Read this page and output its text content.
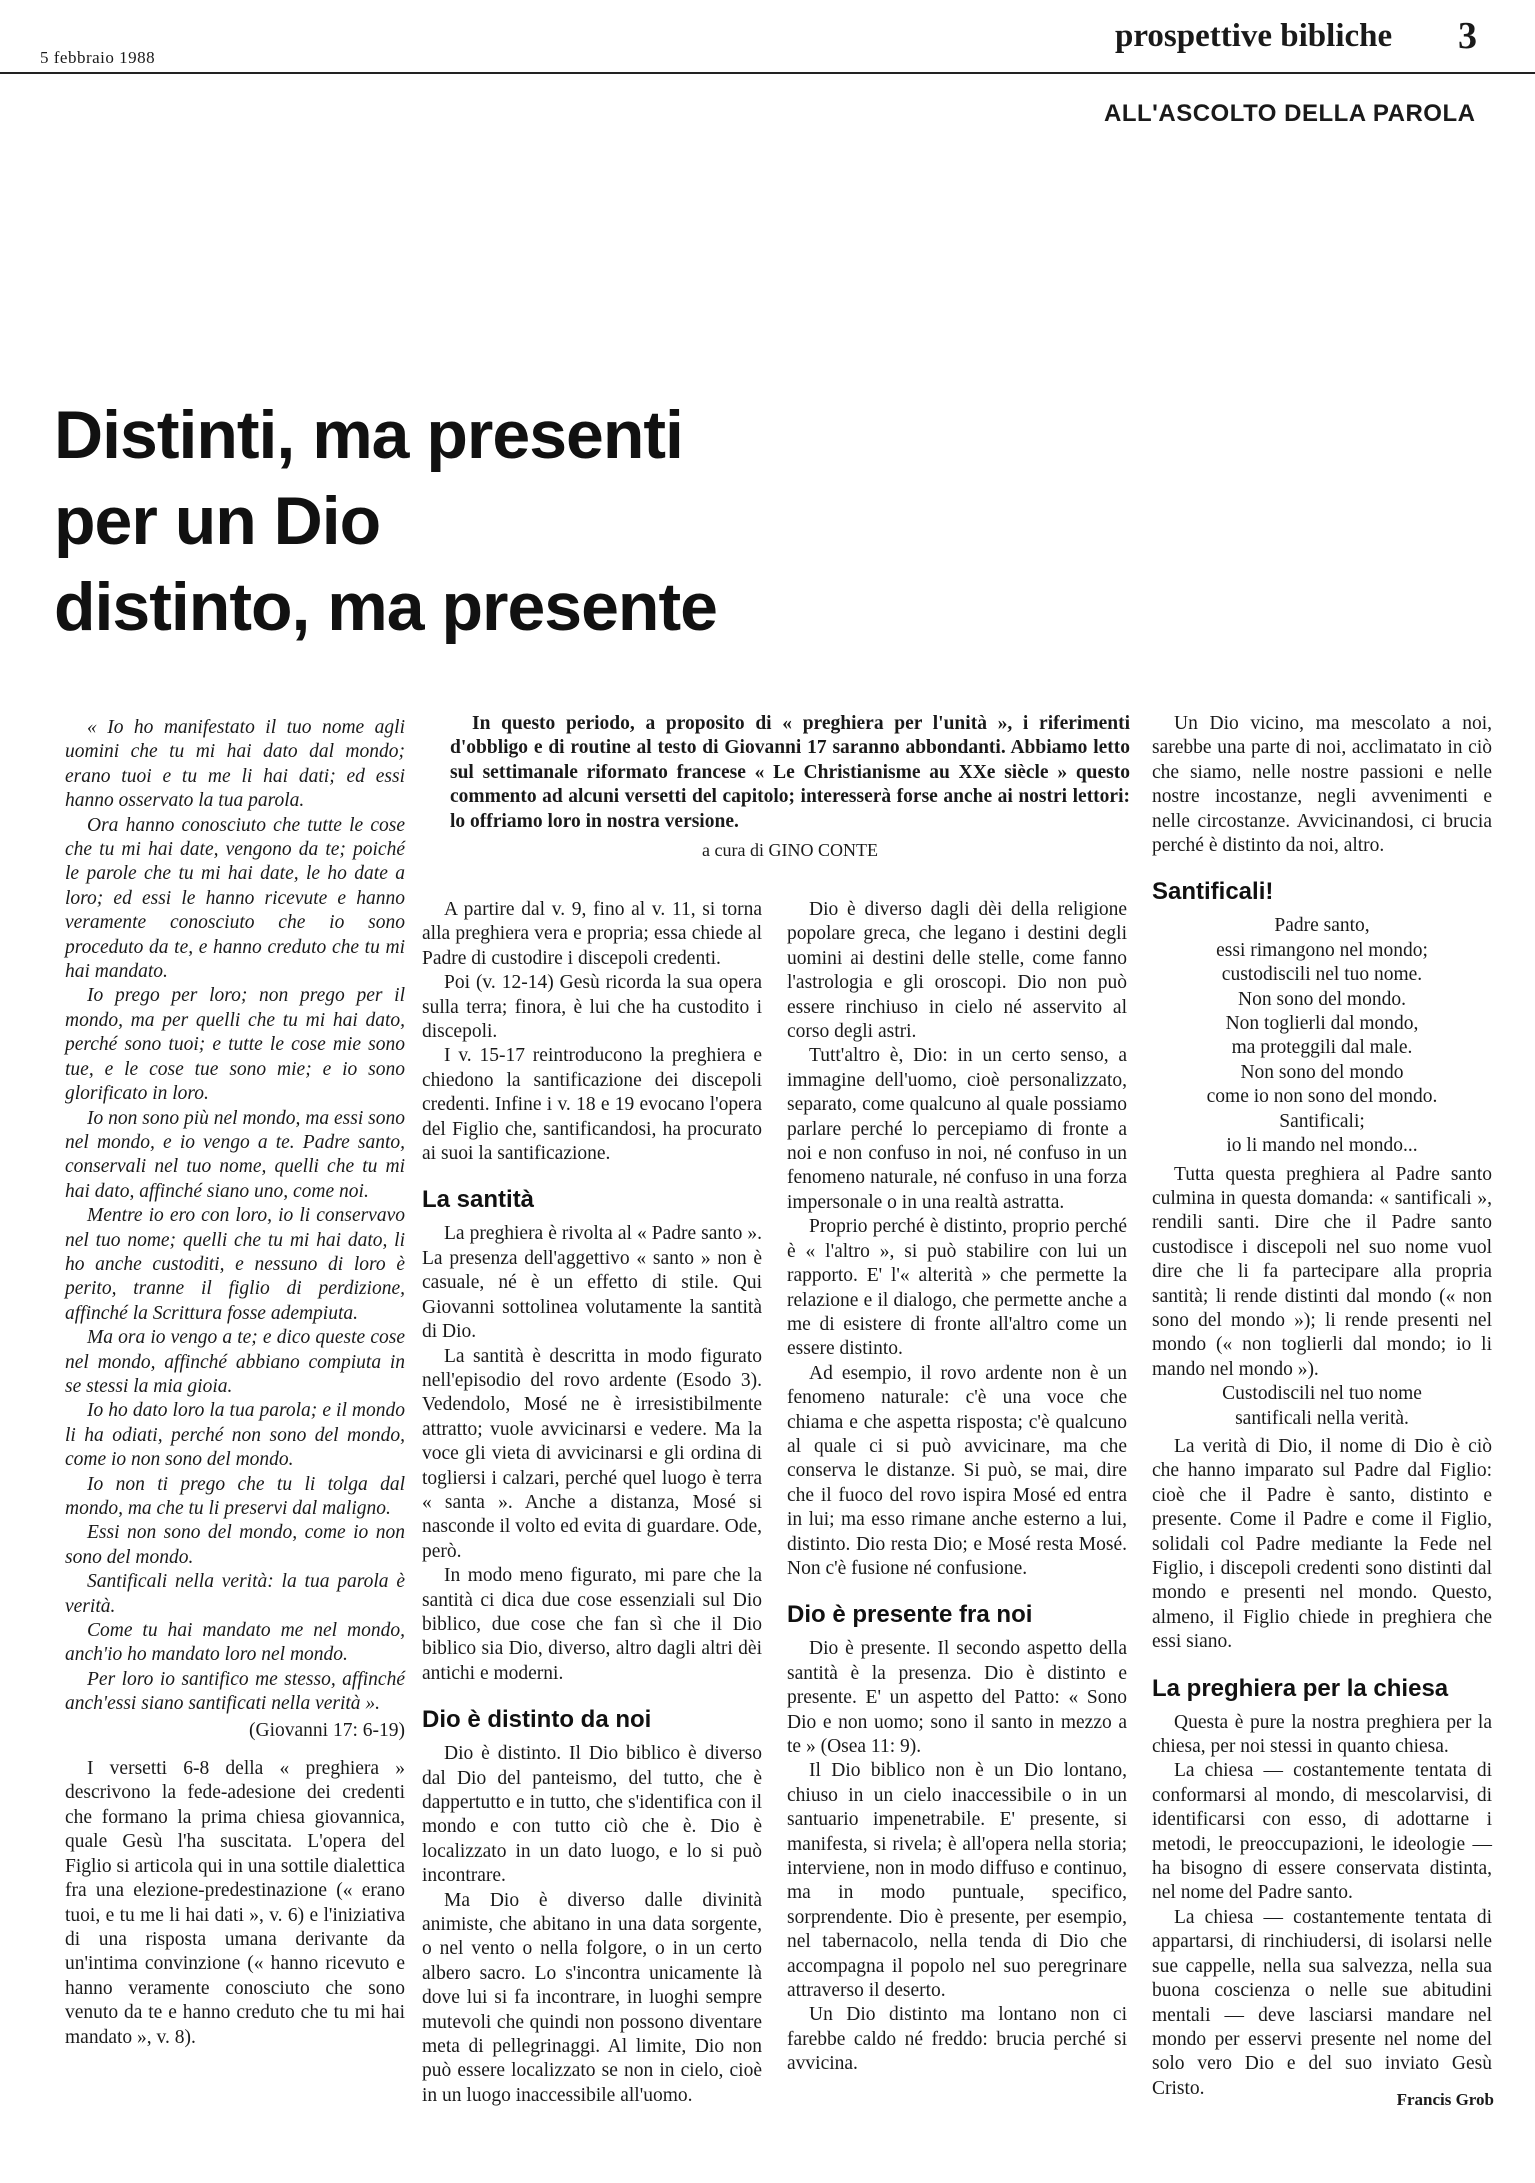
5 febbraio 1988
prospettive bibliche 3
ALL'ASCOLTO DELLA PAROLA
Distinti, ma presenti
per un Dio
distinto, ma presente

« Io ho manifestato il tuo nome agli uomini che tu mi hai dato dal mondo; erano tuoi e tu me li hai dati; ed essi hanno osservato la tua parola.

Ora hanno conosciuto che tutte le cose che tu mi hai date, vengono da te; poiché le parole che tu mi hai date, le ho date a loro; ed essi le hanno ricevute e hanno veramente conosciuto che io sono proceduto da te, e hanno creduto che tu mi hai mandato.

Io prego per loro; non prego per il mondo, ma per quelli che tu mi hai dato, perché sono tuoi; e tutte le cose mie sono tue, e le cose tue sono mie; e io sono glorificato in loro.

Io non sono più nel mondo, ma essi sono nel mondo, e io vengo a te. Padre santo, conservali nel tuo nome, quelli che tu mi hai dato, affinché siano uno, come noi.

Mentre io ero con loro, io li conservavo nel tuo nome; quelli che tu mi hai dato, li ho anche custoditi, e nessuno di loro è perito, tranne il figlio di perdizione, affinché la Scrittura fosse adempiuta.

Ma ora io vengo a te; e dico queste cose nel mondo, affinché abbiano compiuta in se stessi la mia gioia.

Io ho dato loro la tua parola; e il mondo li ha odiati, perché non sono del mondo, come io non sono del mondo.

Io non ti prego che tu li tolga dal mondo, ma che tu li preservi dal maligno.

Essi non sono del mondo, come io non sono del mondo.

Santificali nella verità: la tua parola è verità.

Come tu hai mandato me nel mondo, anch'io ho mandato loro nel mondo.

Per loro io santifico me stesso, affinché anch'essi siano santificati nella verità ».

(Giovanni 17: 6-19)

I versetti 6-8 della « preghiera » descrivono la fede-adesione dei credenti che formano la prima chiesa giovannica, quale Gesù l'ha suscitata. L'opera del Figlio si articola qui in una sottile dialettica fra una elezione-predestinazione (« erano tuoi, e tu me li hai dati », v. 6) e l'iniziativa di una risposta umana derivante da un'intima convinzione (« hanno ricevuto e hanno veramente conosciuto che sono venuto da te e hanno creduto che tu mi hai mandato », v. 8).

In questo periodo, a proposito di « preghiera per l'unità », i riferimenti d'obbligo e di routine al testo di Giovanni 17 saranno abbondanti. Abbiamo letto sul settimanale riformato francese « Le Christianisme au XXe siècle » questo commento ad alcuni versetti del capitolo; interesserà forse anche ai nostri lettori: lo offriamo loro in nostra versione.

a cura di GINO CONTE

A partire dal v. 9, fino al v. 11, si torna alla preghiera vera e propria; essa chiede al Padre di custodire i discepoli credenti.

Poi (v. 12-14) Gesù ricorda la sua opera sulla terra; finora, è lui che ha custodito i discepoli.

I v. 15-17 reintroducono la preghiera e chiedono la santificazione dei discepoli credenti. Infine i v. 18 e 19 evocano l'opera del Figlio che, santificandosi, ha procurato ai suoi la santificazione.

La santità

La preghiera è rivolta al « Padre santo ». La presenza dell'aggettivo « santo » non è casuale, né è un effetto di stile. Qui Giovanni sottolinea volutamente la santità di Dio.

La santità è descritta in modo figurato nell'episodio del rovo ardente (Esodo 3). Vedendolo, Mosé ne è irresistibilmente attratto; vuole avvicinarsi e vedere. Ma la voce gli vieta di avvicinarsi e gli ordina di togliersi i calzari, perché quel luogo è terra « santa ». Anche a distanza, Mosé si nasconde il volto ed evita di guardare. Ode, però.

In modo meno figurato, mi pare che la santità ci dica due cose essenziali sul Dio biblico, due cose che fan sì che il Dio biblico sia Dio, diverso, altro dagli altri dèi antichi e moderni.

Dio è distinto da noi

Dio è distinto. Il Dio biblico è diverso dal Dio del panteismo, del tutto, che è dappertutto e in tutto, che s'identifica con il mondo e con tutto ciò che è. Dio è localizzato in un dato luogo, e lo si può incontrare.

Ma Dio è diverso dalle divinità animiste, che abitano in una data sorgente, o nel vento o nella folgore, o in un certo albero sacro. Lo s'incontra unicamente là dove lui si fa incontrare, in luoghi sempre mutevoli che quindi non possono diventare meta di pellegrinaggi. Al limite, Dio non può essere localizzato se non in cielo, cioè in un luogo inaccessibile all'uomo.

Dio è diverso dagli dèi della religione popolare greca, che legano i destini degli uomini ai destini delle stelle, come fanno l'astrologia e gli oroscopi. Dio non può essere rinchiuso in cielo né asservito al corso degli astri.

Tutt'altro è, Dio: in un certo senso, a immagine dell'uomo, cioè personalizzato, separato, come qualcuno al quale possiamo parlare perché lo percepiamo di fronte a noi e non confuso in noi, né confuso in un fenomeno naturale, né confuso in una forza impersonale o in una realtà astratta.

Proprio perché è distinto, proprio perché è « l'altro », si può stabilire con lui un rapporto. E' l'« alterità » che permette la relazione e il dialogo, che permette anche a me di esistere di fronte all'altro come un essere distinto.

Ad esempio, il rovo ardente non è un fenomeno naturale: c'è una voce che chiama e che aspetta risposta; c'è qualcuno al quale ci si può avvicinare, ma che conserva le distanze. Si può, se mai, dire che il fuoco del rovo ispira Mosé ed entra in lui; ma esso rimane anche esterno a lui, distinto. Dio resta Dio; e Mosé resta Mosé. Non c'è fusione né confusione.

Dio è presente fra noi

Dio è presente. Il secondo aspetto della santità è la presenza. Dio è distinto e presente. E' un aspetto del Patto: « Sono Dio e non uomo; sono il santo in mezzo a te » (Osea 11: 9).

Il Dio biblico non è un Dio lontano, chiuso in un cielo inaccessibile o in un santuario impenetrabile. E' presente, si manifesta, si rivela; è all'opera nella storia; interviene, non in modo diffuso e continuo, ma in modo puntuale, specifico, sorprendente. Dio è presente, per esempio, nel tabernacolo, nella tenda di Dio che accompagna il popolo nel suo peregrinare attraverso il deserto.

Un Dio distinto ma lontano non ci farebbe caldo né freddo: brucia perché si avvicina.

Un Dio vicino, ma mescolato a noi, sarebbe una parte di noi, acclimatato in ciò che siamo, nelle nostre passioni e nelle nostre incostanze, negli avvenimenti e nelle circostanze. Avvicinandosi, ci brucia perché è distinto da noi, altro.

Santificali!
Padre santo,
essi rimangono nel mondo;
custodiscili nel tuo nome.
Non sono del mondo.
Non toglierli dal mondo,
ma proteggili dal male.
Non sono del mondo
come io non sono del mondo.
Santificali;
io li mando nel mondo...

Tutta questa preghiera al Padre santo culmina in questa domanda: « santificali », rendili santi. Dire che il Padre santo custodisce i discepoli nel suo nome vuol dire che li fa partecipare alla propria santità; li rende distinti dal mondo (« non sono del mondo »); li rende presenti nel mondo (« non toglierli dal mondo; io li mando nel mondo »).

Custodiscili nel tuo nome
santificali nella verità.

La verità di Dio, il nome di Dio è ciò che hanno imparato sul Padre dal Figlio: cioè che il Padre è santo, distinto e presente. Come il Padre e come il Figlio, solidali col Padre mediante la Fede nel Figlio, i discepoli credenti sono distinti dal mondo e presenti nel mondo. Questo, almeno, il Figlio chiede in preghiera che essi siano.

La preghiera per la chiesa

Questa è pure la nostra preghiera per la chiesa, per noi stessi in quanto chiesa.

La chiesa — costantemente tentata di conformarsi al mondo, di mescolarvisi, di identificarsi con esso, di adottarne i metodi, le preoccupazioni, le ideologie — ha bisogno di essere conservata distinta, nel nome del Padre santo.

La chiesa — costantemente tentata di appartarsi, di rinchiudersi, di isolarsi nelle sue cappelle, nella sua salvezza, nella sua buona coscienza o nelle sue abitudini mentali — deve lasciarsi mandare nel mondo per esservi presente nel nome del solo vero Dio e del suo inviato Gesù Cristo.

Francis Grob
